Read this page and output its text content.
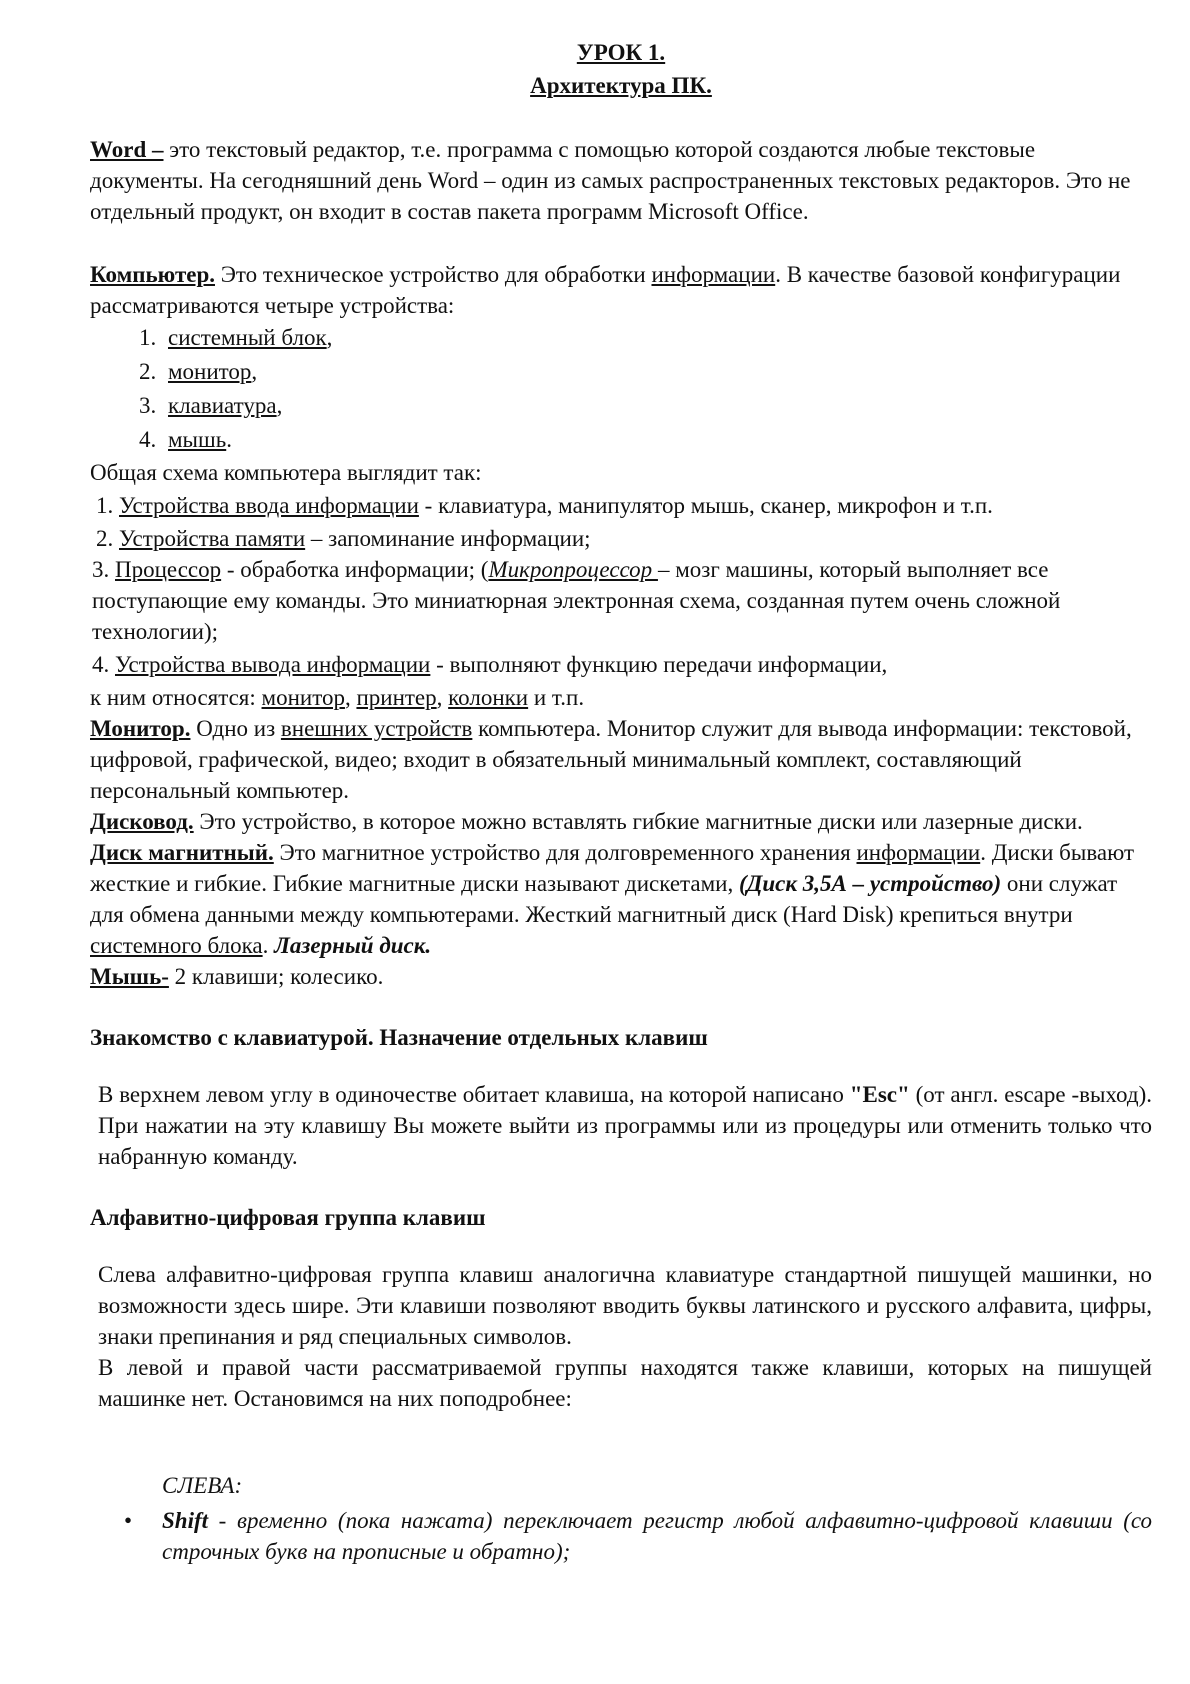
УРОК 1.
Архитектура ПК.

Word – это текстовый редактор, т.е. программа с помощью которой создаются любые текстовые документы. На сегодняшний день Word – один из самых распространенных текстовых редакторов. Это не отдельный продукт, он входит в состав пакета программ Microsoft Office.

Компьютер. Это техническое устройство для обработки информации. В качестве базовой конфигурации рассматриваются четыре устройства:

1. системный блок,
2. монитор,
3. клавиатура,
4. мышь.

Общая схема компьютера выглядит так:

1. Устройства ввода информации - клавиатура, манипулятор мышь, сканер, микрофон и т.п.

2. Устройства памяти – запоминание информации;

3. Процессор - обработка информации; (Микропроцессор – мозг машины, который выполняет все поступающие ему команды. Это миниатюрная электронная схема, созданная путем очень сложной технологии);

4. Устройства вывода информации - выполняют функцию передачи информации,

к ним относятся: монитор, принтер, колонки и т.п.

Монитор. Одно из внешних устройств компьютера. Монитор служит для вывода информации: текстовой, цифровой, графической, видео; входит в обязательный минимальный комплект, составляющий персональный компьютер.

Дисковод. Это устройство, в которое можно вставлять гибкие магнитные диски или лазерные диски.

Диск магнитный. Это магнитное устройство для долговременного хранения информации. Диски бывают жесткие и гибкие. Гибкие магнитные диски называют дискетами, (Диск 3,5А – устройство) они служат для обмена данными между компьютерами. Жесткий магнитный диск (Hard Disk) крепиться внутри системного блока. Лазерный диск.

Мышь- 2 клавиши; колесико.

Знакомство с клавиатурой. Назначение отдельных клавиш

В верхнем левом углу в одиночестве обитает клавиша, на которой написано "Esc" (от англ. escape -выход). При нажатии на эту клавишу Вы можете выйти из программы или из процедуры или отменить только что набранную команду.

Алфавитно-цифровая группа клавиш

Слева алфавитно-цифровая группа клавиш аналогична клавиатуре стандартной пишущей машинки, но возможности здесь шире. Эти клавиши позволяют вводить буквы латинского и русского алфавита, цифры, знаки препинания и ряд специальных символов.

В левой и правой части рассматриваемой группы находятся также клавиши, которых на пишущей машинке нет. Остановимся на них поподробнее:

СЛЕВА:

• Shift - временно (пока нажата) переключает регистр любой алфавитно-цифровой клавиши (со строчных букв на прописные и обратно);
